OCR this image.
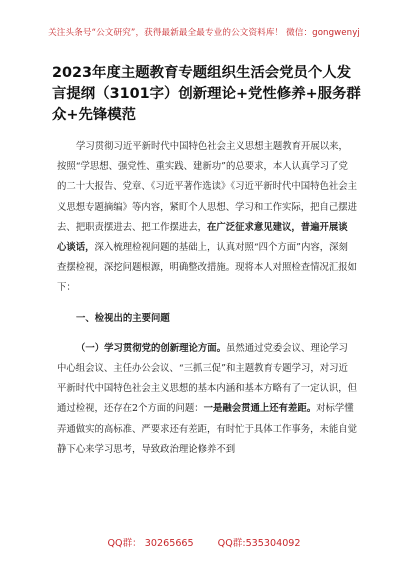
关注头条号“公文研究”，获得最新最全最专业的公文资料库！ 微信：gongwenyj
2023年度主题教育专题组织生活会党员个人发言提纲（3101字）创新理论+党性修养+服务群众+先锋模范

学习贯彻习近平新时代中国特色社会主义思想主题教育开展以来，按照“学思想、强党性、重实践、建新功”的总要求，本人认真学习了党的二十大报告、党章、《习近平著作选读》《习近平新时代中国特色社会主义思想专题摘编》等内容，紧盯个人思想、学习和工作实际，把自己摆进去、把职责摆进去、把工作摆进去，在广泛征求意见建议，普遍开展谈心谈话，深入梳理检视问题的基础上，认真对照“四个方面”内容，深刻查摆检视，深挖问题根源，明确整改措施。现将本人对照检查情况汇报如下：

一、检视出的主要问题

（一）学习贯彻党的创新理论方面。虽然通过党委会议、理论学习中心组会议、主任办公会议、“三抓三促”和主题教育专题学习，对习近平新时代中国特色社会主义思想的基本内涵和基本方略有了一定认识，但通过检视，还存在2个方面的问题：一是融会贯通上还有差距。对标学懂弄通做实的高标准、严要求还有差距，有时忙于具体工作事务，未能自觉静下心来学习思考，导致政治理论修养不到

QQ群： 30265665	QQ群:535304092
